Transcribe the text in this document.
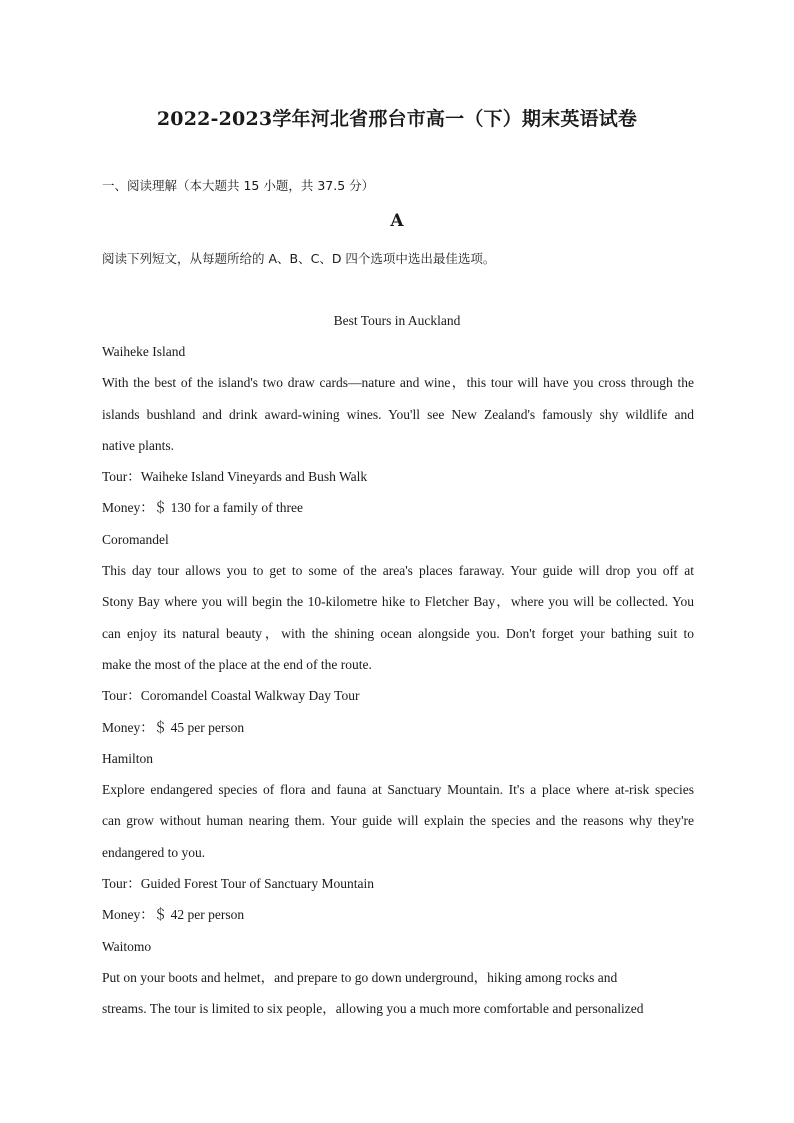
2022-2023学年河北省邢台市高一（下）期末英语试卷
一、阅读理解（本大题共 15 小题，共 37.5 分）
A
阅读下列短文，从每题所给的 A、B、C、D 四个选项中选出最佳选项。
Best Tours in Auckland
Waiheke Island
With the best of the island's two draw cards—nature and wine，this tour will have you cross through the
islands bushland and drink award-wining wines. You'll see New Zealand's famously shy wildlife and
native plants.
Tour：Waiheke Island Vineyards and Bush Walk
Money：＄ 130 for a family of three
Coromandel
This day tour allows you to get to some of the area's places faraway. Your guide will drop you off at
Stony Bay where you will begin the 10-kilometre hike to Fletcher Bay，where you will be collected. You
can enjoy its natural beauty，with the shining ocean alongside you. Don't forget your bathing suit to
make the most of the place at the end of the route.
Tour：Coromandel Coastal Walkway Day Tour
Money：＄ 45 per person
Hamilton
Explore endangered species of flora and fauna at Sanctuary Mountain. It's a place where at-risk species
can grow without human nearing them. Your guide will explain the species and the reasons why they're
endangered to you.
Tour：Guided Forest Tour of Sanctuary Mountain
Money：＄ 42 per person
Waitomo
Put on your boots and helmet，and prepare to go down underground，hiking among rocks and
streams. The tour is limited to six people，allowing you a much more comfortable and personalized
